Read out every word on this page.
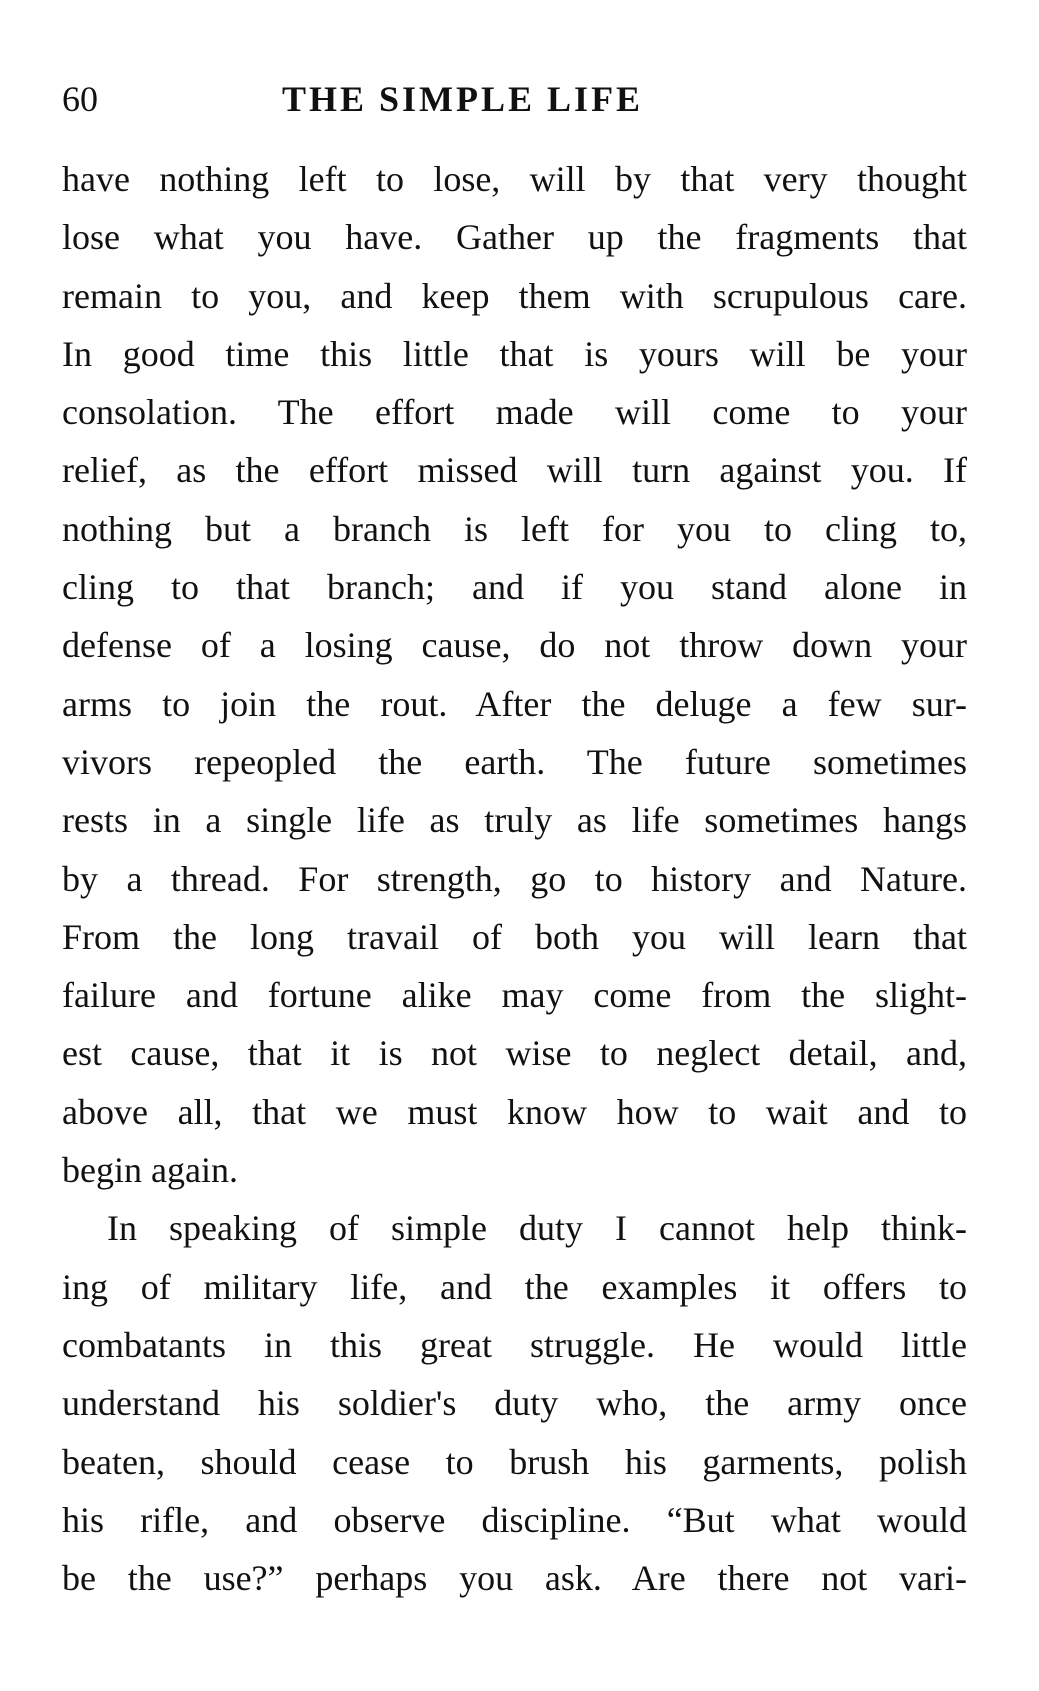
60	THE SIMPLE LIFE
have nothing left to lose, will by that very thought
lose what you have. Gather up the fragments that
remain to you, and keep them with scrupulous care.
In good time this little that is yours will be your
consolation. The effort made will come to your
relief, as the effort missed will turn against you. If
nothing but a branch is left for you to cling to,
cling to that branch; and if you stand alone in
defense of a losing cause, do not throw down your
arms to join the rout. After the deluge a few sur-
vivors repeopled the earth. The future sometimes
rests in a single life as truly as life sometimes hangs
by a thread. For strength, go to history and Nature.
From the long travail of both you will learn that
failure and fortune alike may come from the slight-
est cause, that it is not wise to neglect detail, and,
above all, that we must know how to wait and to
begin again.
In speaking of simple duty I cannot help think-
ing of military life, and the examples it offers to
combatants in this great struggle. He would little
understand his soldier's duty who, the army once
beaten, should cease to brush his garments, polish
his rifle, and observe discipline. “But what would
be the use?” perhaps you ask. Are there not vari-
